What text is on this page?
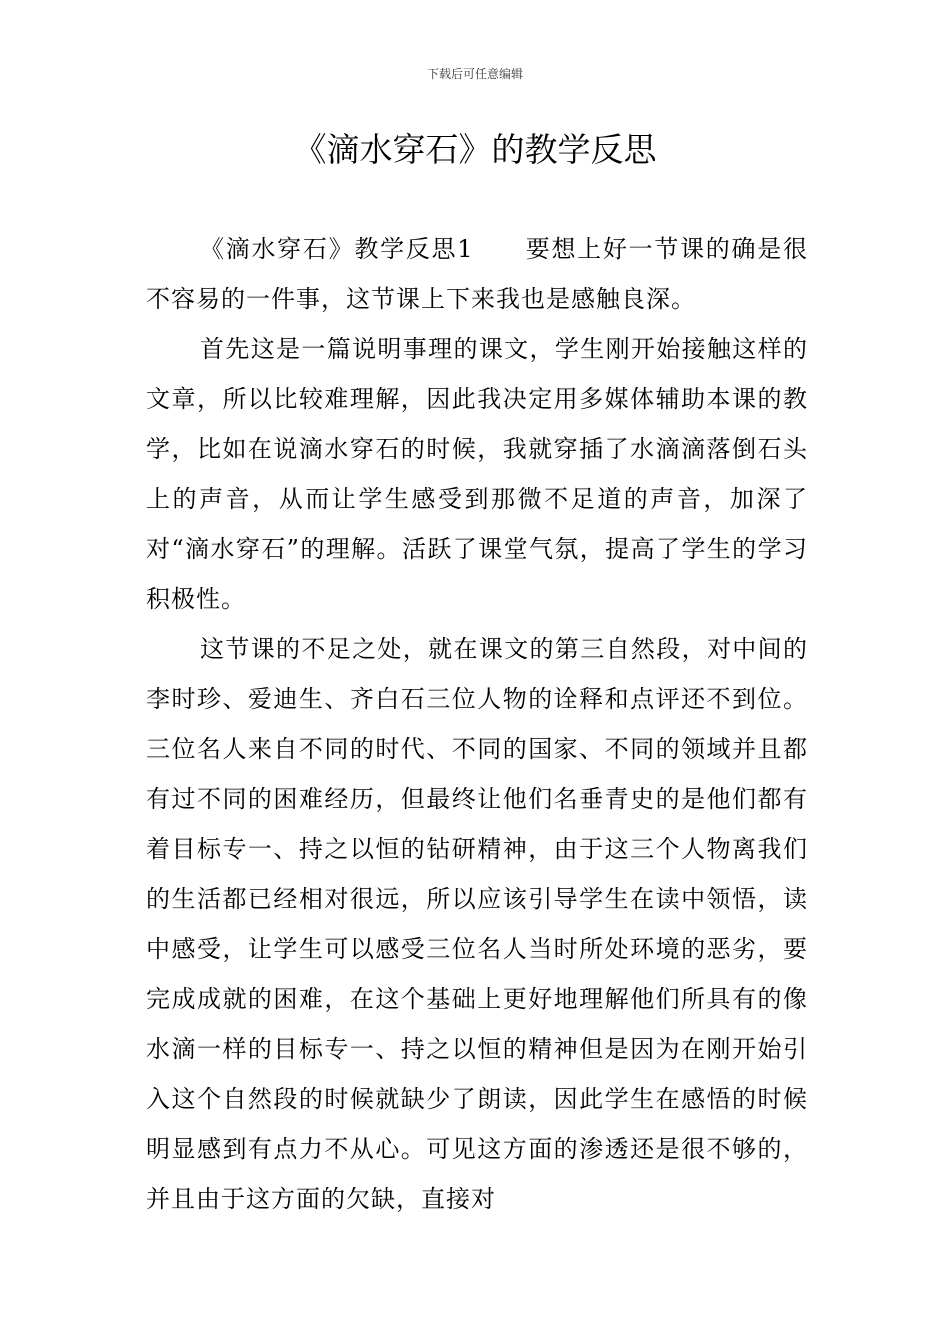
下载后可任意编辑
《滴水穿石》的教学反思

《滴水穿石》教学反思1　　要想上好一节课的确是很不容易的一件事，这节课上下来我也是感触良深。

首先这是一篇说明事理的课文，学生刚开始接触这样的文章，所以比较难理解，因此我决定用多媒体辅助本课的教学，比如在说滴水穿石的时候，我就穿插了水滴滴落倒石头上的声音，从而让学生感受到那微不足道的声音，加深了对“滴水穿石”的理解。活跃了课堂气氛，提高了学生的学习积极性。

这节课的不足之处，就在课文的第三自然段，对中间的李时珍、爱迪生、齐白石三位人物的诠释和点评还不到位。三位名人来自不同的时代、不同的国家、不同的领域并且都有过不同的困难经历，但最终让他们名垂青史的是他们都有着目标专一、持之以恒的钻研精神，由于这三个人物离我们的生活都已经相对很远，所以应该引导学生在读中领悟，读中感受，让学生可以感受三位名人当时所处环境的恶劣，要完成成就的困难，在这个基础上更好地理解他们所具有的像水滴一样的目标专一、持之以恒的精神但是因为在刚开始引入这个自然段的时候就缺少了朗读，因此学生在感悟的时候明显感到有点力不从心。可见这方面的渗透还是很不够的，并且由于这方面的欠缺，直接对
